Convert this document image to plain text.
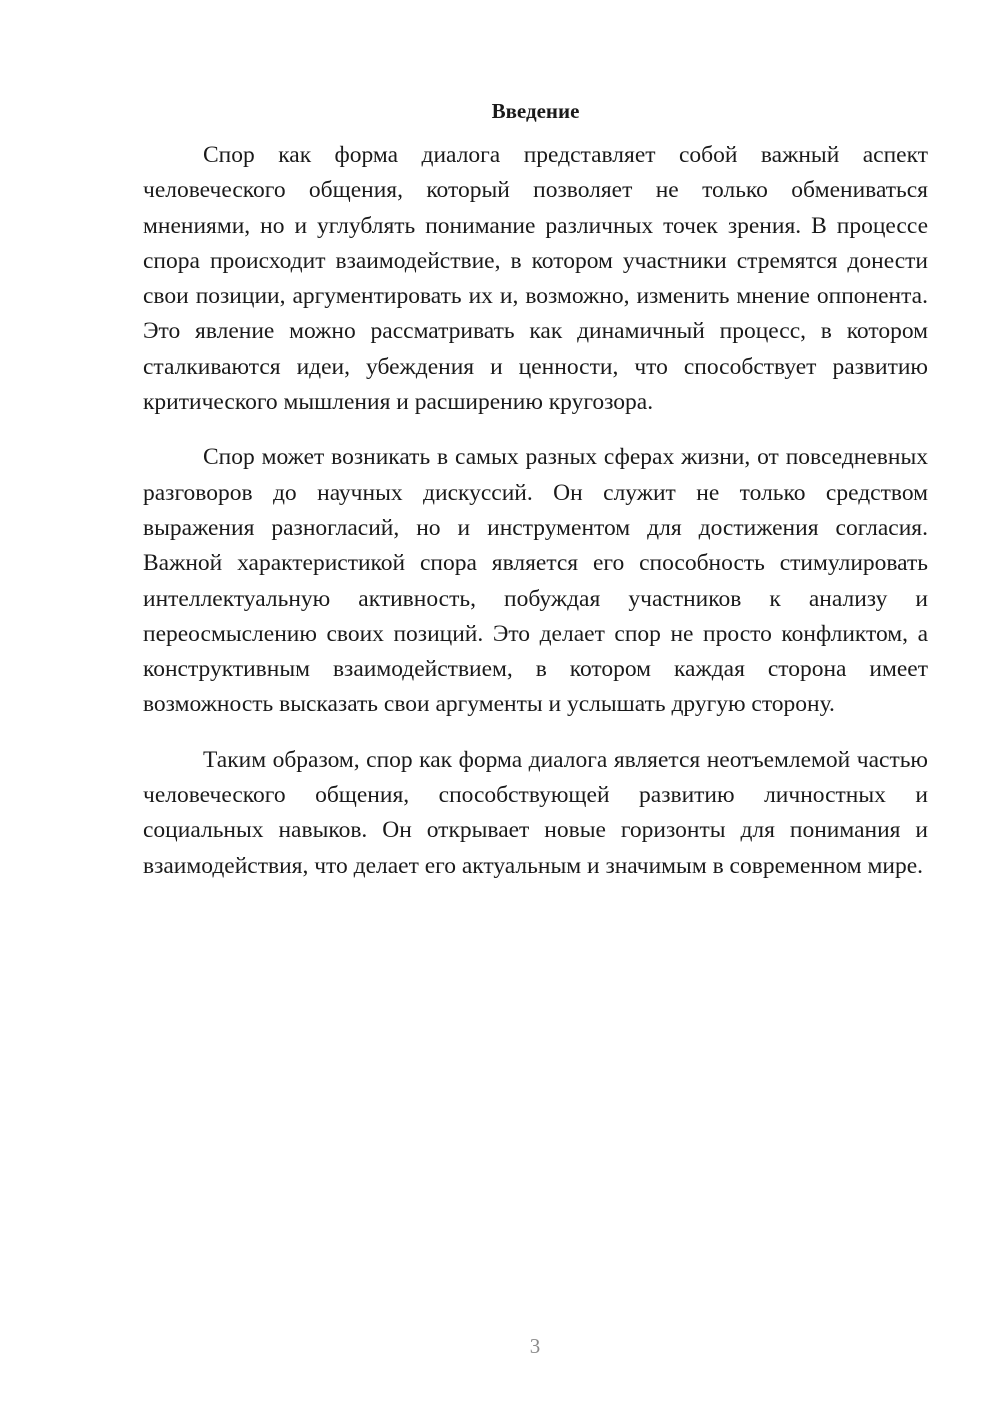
Введение

Спор как форма диалога представляет собой важный аспект человеческого общения, который позволяет не только обмениваться мнениями, но и углублять понимание различных точек зрения. В процессе спора происходит взаимодействие, в котором участники стремятся донести свои позиции, аргументировать их и, возможно, изменить мнение оппонента. Это явление можно рассматривать как динамичный процесс, в котором сталкиваются идеи, убеждения и ценности, что способствует развитию критического мышления и расширению кругозора.

Спор может возникать в самых разных сферах жизни, от повседневных разговоров до научных дискуссий. Он служит не только средством выражения разногласий, но и инструментом для достижения согласия. Важной характеристикой спора является его способность стимулировать интеллектуальную активность, побуждая участников к анализу и переосмыслению своих позиций. Это делает спор не просто конфликтом, а конструктивным взаимодействием, в котором каждая сторона имеет возможность высказать свои аргументы и услышать другую сторону.

Таким образом, спор как форма диалога является неотъемлемой частью человеческого общения, способствующей развитию личностных и социальных навыков. Он открывает новые горизонты для понимания и взаимодействия, что делает его актуальным и значимым в современном мире.

3
